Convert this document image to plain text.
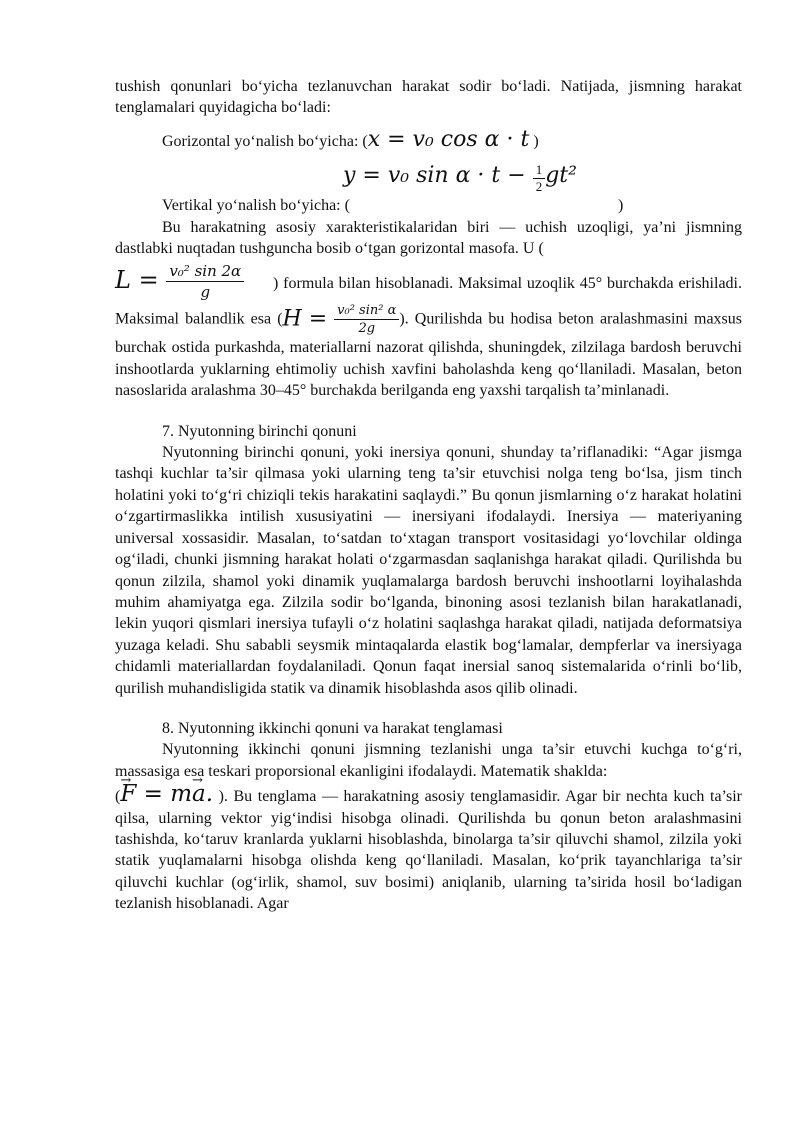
tushish qonunlari bo‘yicha tezlanuvchan harakat sodir bo‘ladi. Natijada, jismning harakat tenglamalari quyidagicha bo‘ladi:

Gorizontal yo‘nalish bo‘yicha: (x = v₀ cos α · t )

y = v₀ $\sin \alpha \cdot t - \frac{1}{2} gt^2$

Vertikal yo‘nalish bo‘yicha: (	)

Bu harakatning asosiy xarakteristikalaridan biri — uchish uzoqligi, ya’ni jismning dastlabki nuqtadan tushguncha bosib o‘tgan gorizontal masofa. U (

$L = \frac{\text{v₀² sin 2α}}{g}$ ) formula bilan hisoblanadi. Maksimal uzoqlik 45° burchakda erishiladi. Maksimal balandlik esa ($H = \frac{\text{v₀² sin² α}}{2g}$ ). Qurilishda bu hodisa beton aralashmasini maxsus burchak ostida purkashda, materiallarni nazorat qilishda, shuningdek, zilzilaga bardosh beruvchi inshootlarda yuklarning ehtimoliy uchish xavfini baholashda keng qo‘llaniladi. Masalan, beton nasoslarida aralashma 30–45° burchakda berilganda eng yaxshi tarqalish ta’minlanadi.

7. Nyutonning birinchi qonuni

Nyutonning birinchi qonuni, yoki inersiya qonuni, shunday ta’riflanadiki: “Agar jismga tashqi kuchlar ta’sir qilmasa yoki ularning teng ta’sir etuvchisi nolga teng bo‘lsa, jism tinch holatini yoki to‘g‘ri chiziqli tekis harakatini saqlaydi.” Bu qonun jismlarning o‘z harakat holatini o‘zgartirmaslikka intilish xususiyatini — inersiyani ifodalaydi. Inersiya — materiyaning universal xossasidir. Masalan, to‘satdan to‘xtagan transport vositasidagi yo‘lovchilar oldinga og‘iladi, chunki jismning harakat holati o‘zgarmasdan saqlanishga harakat qiladi. Qurilishda bu qonun zilzila, shamol yoki dinamik yuqlamalarga bardosh beruvchi inshootlarni loyihalashda muhim ahamiyatga ega. Zilzila sodir bo‘lganda, binoning asosi tezlanish bilan harakatlanadi, lekin yuqori qismlari inersiya tufayli o‘z holatini saqlashga harakat qiladi, natijada deformatsiya yuzaga keladi. Shu sababli seysmik mintaqalarda elastik bog‘lamalar, dempferlar va inersiyaga chidamli materiallardan foydalaniladi. Qonun faqat inersial sanoq sistemalarida o‘rinli bo‘lib, qurilish muhandisligida statik va dinamik hisoblashda asos qilib olinadi.

8. Nyutonning ikkinchi qonuni va harakat tenglamasi

Nyutonning ikkinchi qonuni jismning tezlanishi unga ta’sir etuvchi kuchga to‘g‘ri, massasiga esa teskari proporsional ekanligini ifodalaydi. Matematik shaklda:

(→ F = m→ a. ). Bu tenglama — harakatning asosiy tenglamasidir. Agar bir nechta kuch ta’sir qilsa, ularning vektor yig‘indisi hisobga olinadi. Qurilishda bu qonun beton aralashmasini tashishda, ko‘taruv kranlarda yuklarni hisoblashda, binolarga ta’sir qiluvchi shamol, zilzila yoki statik yuqlamalarni hisobga olishda keng qo‘llaniladi. Masalan, ko‘prik tayanchlariga ta’sir qiluvchi kuchlar (og‘irlik, shamol, suv bosimi) aniqlanib, ularning ta’sirida hosil bo‘ladigan tezlanish hisoblanadi. Agar
